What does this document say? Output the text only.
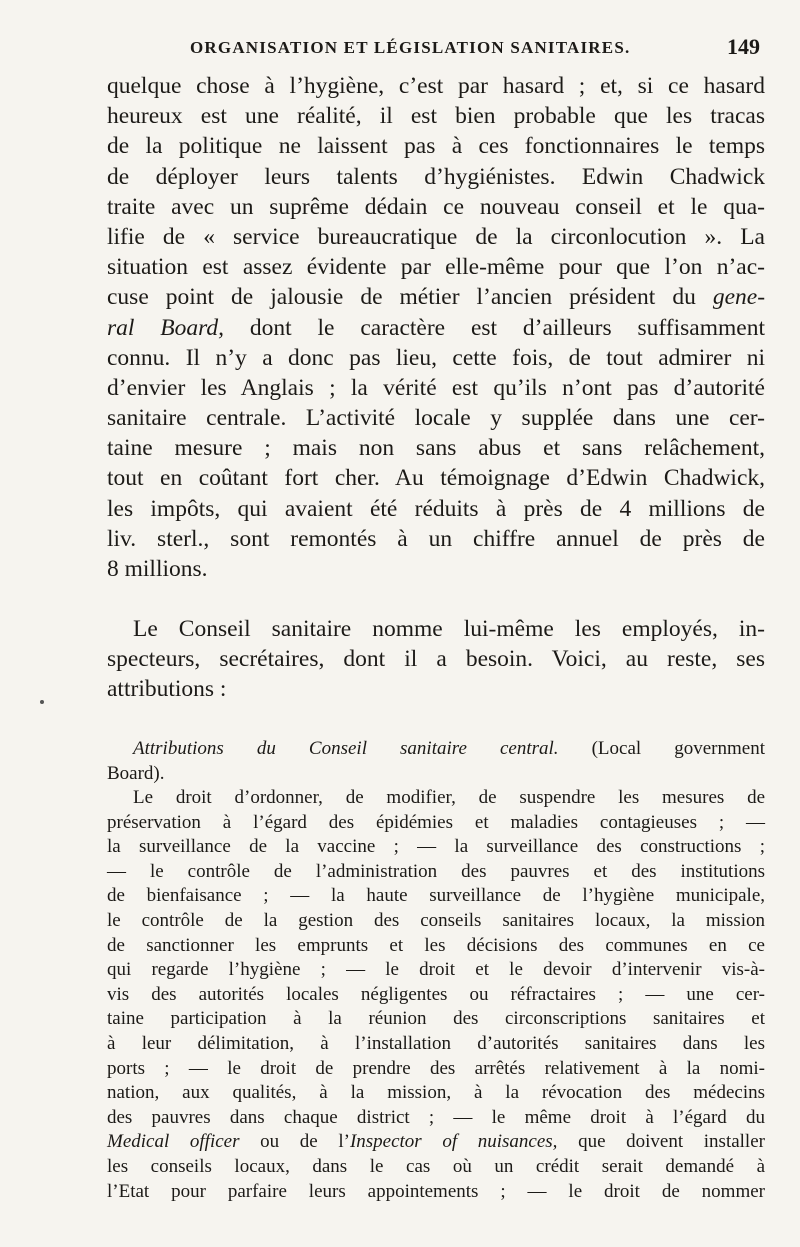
ORGANISATION ET LÉGISLATION SANITAIRES.	149
quelque chose à l’hygiène, c’est par hasard ; et, si ce hasard
heureux est une réalité, il est bien probable que les tracas
de la politique ne laissent pas à ces fonctionnaires le temps
de déployer leurs talents d’hygiénistes. Edwin Chadwick
traite avec un suprême dédain ce nouveau conseil et le qua-
lifie de « service bureaucratique de la circonlocution ». La
situation est assez évidente par elle-même pour que l’on n’ac-
cuse point de jalousie de métier l’ancien président du gene-
ral Board, dont le caractère est d’ailleurs suffisamment
connu. Il n’y a donc pas lieu, cette fois, de tout admirer ni
d’envier les Anglais ; la vérité est qu’ils n’ont pas d’autorité
sanitaire centrale. L’activité locale y supplée dans une cer-
taine mesure ; mais non sans abus et sans relâchement,
tout en coûtant fort cher. Au témoignage d’Edwin Chadwick,
les impôts, qui avaient été réduits à près de 4 millions de
liv. sterl., sont remontés à un chiffre annuel de près de
8 millions.
Le Conseil sanitaire nomme lui-même les employés, in-
specteurs, secrétaires, dont il a besoin. Voici, au reste, ses
attributions :
Attributions du Conseil sanitaire central. (Local government
Board).
Le droit d’ordonner, de modifier, de suspendre les mesures de
préservation à l’égard des épidémies et maladies contagieuses ; —
la surveillance de la vaccine ; — la surveillance des constructions ;
— le contrôle de l’administration des pauvres et des institutions
de bienfaisance ; — la haute surveillance de l’hygiène municipale,
le contrôle de la gestion des conseils sanitaires locaux, la mission
de sanctionner les emprunts et les décisions des communes en ce
qui regarde l’hygiène ; — le droit et le devoir d’intervenir vis-à-
vis des autorités locales négligentes ou réfractaires ; — une cer-
taine participation à la réunion des circonscriptions sanitaires et
à leur délimitation, à l’installation d’autorités sanitaires dans les
ports ; — le droit de prendre des arrêtés relativement à la nomi-
nation, aux qualités, à la mission, à la révocation des médecins
des pauvres dans chaque district ; — le même droit à l’égard du
Medical officer ou de l’Inspector of nuisances, que doivent installer
les conseils locaux, dans le cas où un crédit serait demandé à
l’Etat pour parfaire leurs appointements ; — le droit de nommer
